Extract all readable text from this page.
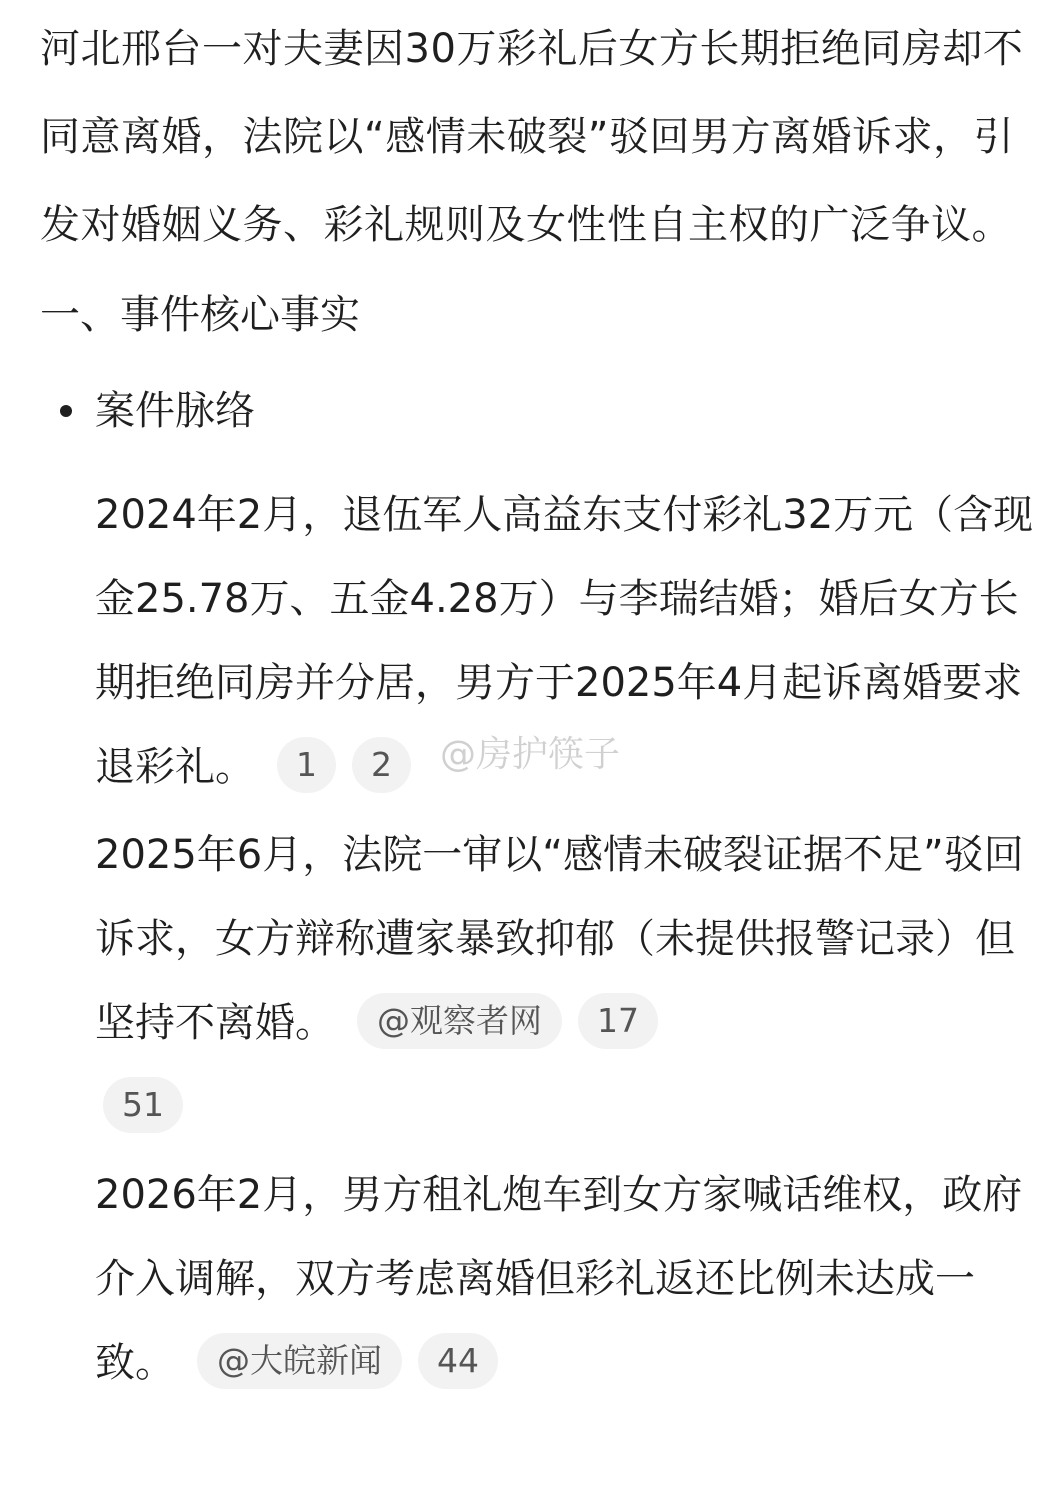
河北邢台一对夫妻因30万彩礼后女方长期拒绝同房却不同意离婚，法院以“感情未破裂”驳回男方离婚诉求，引发对婚姻义务、彩礼规则及女性性自主权的广泛争议。

一、事件核心事实
案件脉络

2024年2月，退伍军人高益东支付彩礼32万元（含现金25.78万、五金4.28万）与李瑞结婚；婚后女方长期拒绝同房并分居，男方于2025年4月起诉离婚要求退彩礼。 1 2

2025年6月，法院一审以“感情未破裂证据不足”驳回诉求，女方辩称遭家暴致抑郁（未提供报警记录）但坚持不离婚。 @观察者网 17
51

2026年2月，男方租礼炮车到女方家喊话维权，政府介入调解，双方考虑离婚但彩礼返还比例未达成一致。 @大皖新闻 44

@房护筷子
